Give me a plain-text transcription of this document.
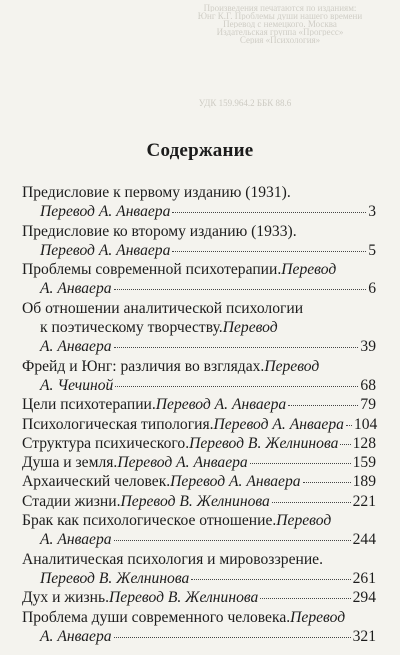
Произведения печатаются по изданиям:
Юнг К.Г. Проблемы души нашего времени
Перевод с немецкого. Москва
Издательская группа «Прогресс»
Серия «Психология»
УДК 159.964.2 ББК 88.6
Содержание
Предисловие к первому изданию (1931).
Перевод А. Анваера	3
Предисловие ко второму изданию (1933).
Перевод А. Анваера	5
Проблемы современной психотерапии. Перевод
А. Анваера	6
Об отношении аналитической психологии
к поэтическому творчеству. Перевод
А. Анваера	39
Фрейд и Юнг: различия во взглядах. Перевод
А. Чечиной	68
Цели психотерапии. Перевод А. Анваера	79
Психологическая типология. Перевод А. Анваера 104
Структура психического. Перевод В. Желнинова 128
Душа и земля. Перевод А. Анваера	159
Архаический человек. Перевод А. Анваера	189
Стадии жизни. Перевод В. Желнинова	221
Брак как психологическое отношение. Перевод
А. Анваера	244
Аналитическая психология и мировоззрение.
Перевод В. Желнинова	261
Дух и жизнь. Перевод В. Желнинова	294
Проблема души современного человека. Перевод
А. Анваера	321
